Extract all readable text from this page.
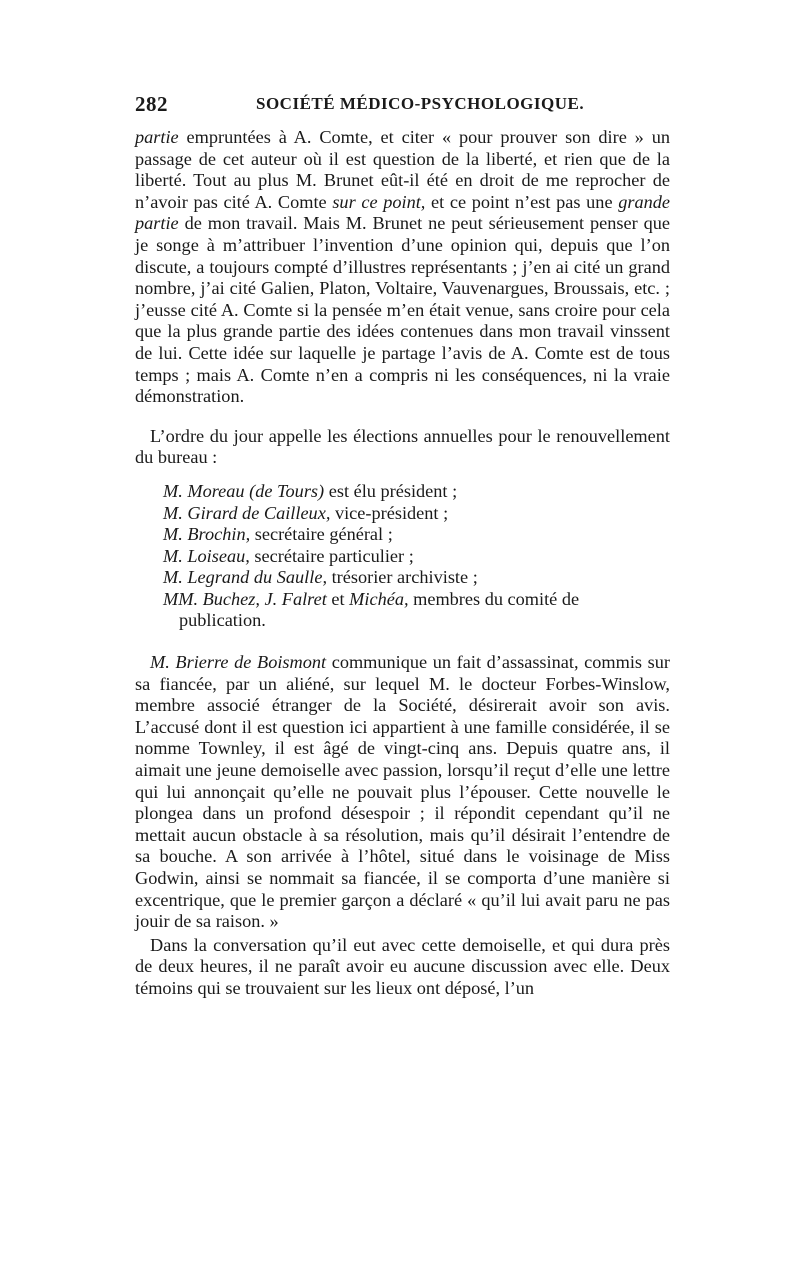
282	SOCIÉTÉ MÉDICO-PSYCHOLOGIQUE.

partie empruntées à A. Comte, et citer « pour prouver son dire » un passage de cet auteur où il est question de la liberté, et rien que de la liberté. Tout au plus M. Brunet eût-il été en droit de me reprocher de n’avoir pas cité A. Comte sur ce point, et ce point n’est pas une grande partie de mon travail. Mais M. Brunet ne peut sérieusement penser que je songe à m’attribuer l’invention d’une opinion qui, depuis que l’on discute, a toujours compté d’illustres représentants ; j’en ai cité un grand nombre, j’ai cité Galien, Platon, Voltaire, Vauvenargues, Broussais, etc. ; j’eusse cité A. Comte si la pensée m’en était venue, sans croire pour cela que la plus grande partie des idées contenues dans mon travail vinssent de lui. Cette idée sur laquelle je partage l’avis de A. Comte est de tous temps ; mais A. Comte n’en a compris ni les conséquences, ni la vraie démonstration.

L’ordre du jour appelle les élections annuelles pour le renouvellement du bureau :

M. Moreau (de Tours) est élu président ;
M. Girard de Cailleux, vice-président ;
M. Brochin, secrétaire général ;
M. Loiseau, secrétaire particulier ;
M. Legrand du Saulle, trésorier archiviste ;
MM. Buchez, J. Falret et Michéa, membres du comité de
publication.

M. Brierre de Boismont communique un fait d’assassinat, commis sur sa fiancée, par un aliéné, sur lequel M. le docteur Forbes-Winslow, membre associé étranger de la Société, désirerait avoir son avis. L’accusé dont il est question ici appartient à une famille considérée, il se nomme Townley, il est âgé de vingt-cinq ans. Depuis quatre ans, il aimait une jeune demoiselle avec passion, lorsqu’il reçut d’elle une lettre qui lui annonçait qu’elle ne pouvait plus l’épouser. Cette nouvelle le plongea dans un profond désespoir ; il répondit cependant qu’il ne mettait aucun obstacle à sa résolution, mais qu’il désirait l’entendre de sa bouche. A son arrivée à l’hôtel, situé dans le voisinage de Miss Godwin, ainsi se nommait sa fiancée, il se comporta d’une manière si excentrique, que le premier garçon a déclaré « qu’il lui avait paru ne pas jouir de sa raison. »

Dans la conversation qu’il eut avec cette demoiselle, et qui dura près de deux heures, il ne paraît avoir eu aucune discussion avec elle. Deux témoins qui se trouvaient sur les lieux ont déposé, l’un
